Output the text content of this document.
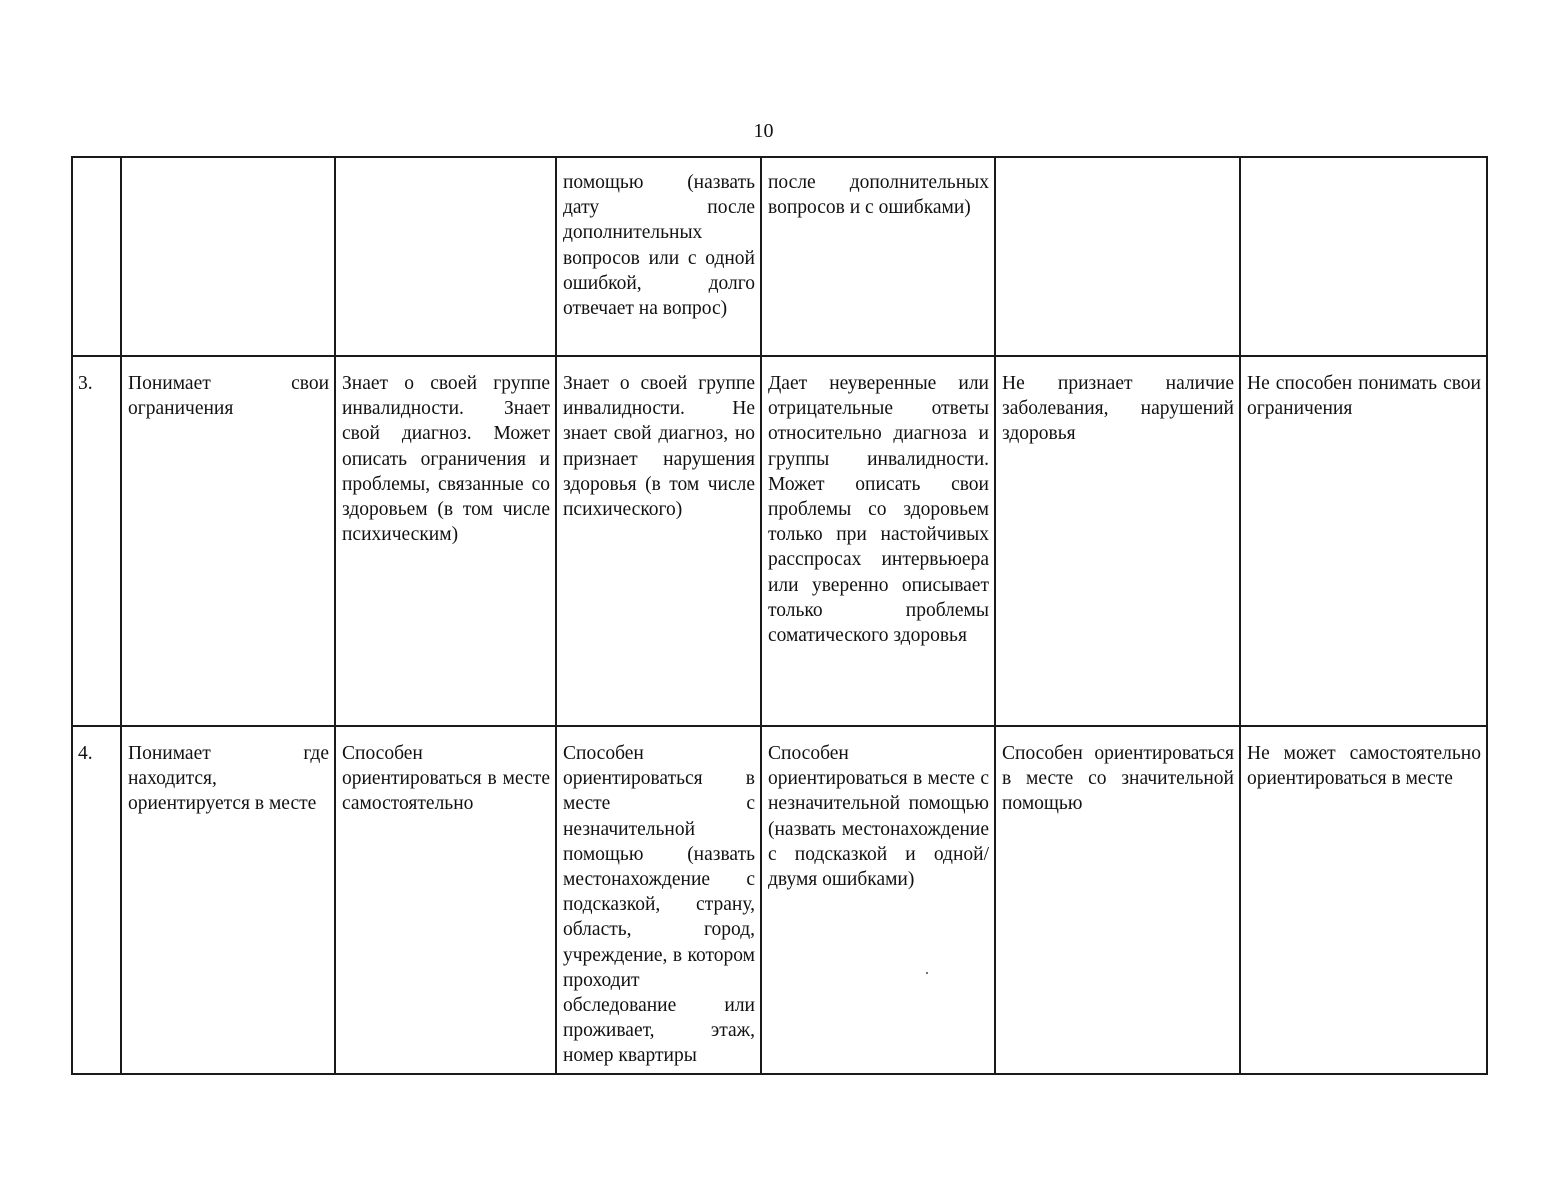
10
			помощью (назвать дату после дополнительных вопросов или с одной ошибкой, долго отвечает на вопрос)	после дополнительных вопросов и с ошибками)		
3.	Понимает свои ограничения	Знает о своей группе инвалидности. Знает свой диагноз. Может описать ограничения и проблемы, связанные со здоровьем (в том числе психическим)	Знает о своей группе инвалидности. Не знает свой диагноз, но признает нарушения здоровья (в том числе психического)	Дает неуверенные или отрицательные ответы относительно диагноза и группы инвалидности. Может описать свои проблемы со здоровьем только при настойчивых расспросах интервьюера или уверенно описывает только проблемы соматического здоровья	Не признает наличие заболевания, нарушений здоровья	Не способен понимать свои ограничения
4.	Понимает где находится, ориентируется в месте	Способен ориентироваться в месте самостоятельно	Способен ориентироваться в месте с незначительной помощью (назвать местонахождение с подсказкой, страну, область, город, учреждение, в котором проходит обследование или проживает, этаж, номер квартиры	Способен ориентироваться в месте с незначительной помощью (назвать местонахождение с подсказкой и одной/двумя ошибками)	Способен ориентироваться в месте со значительной помощью	Не может самостоятельно ориентироваться в месте
